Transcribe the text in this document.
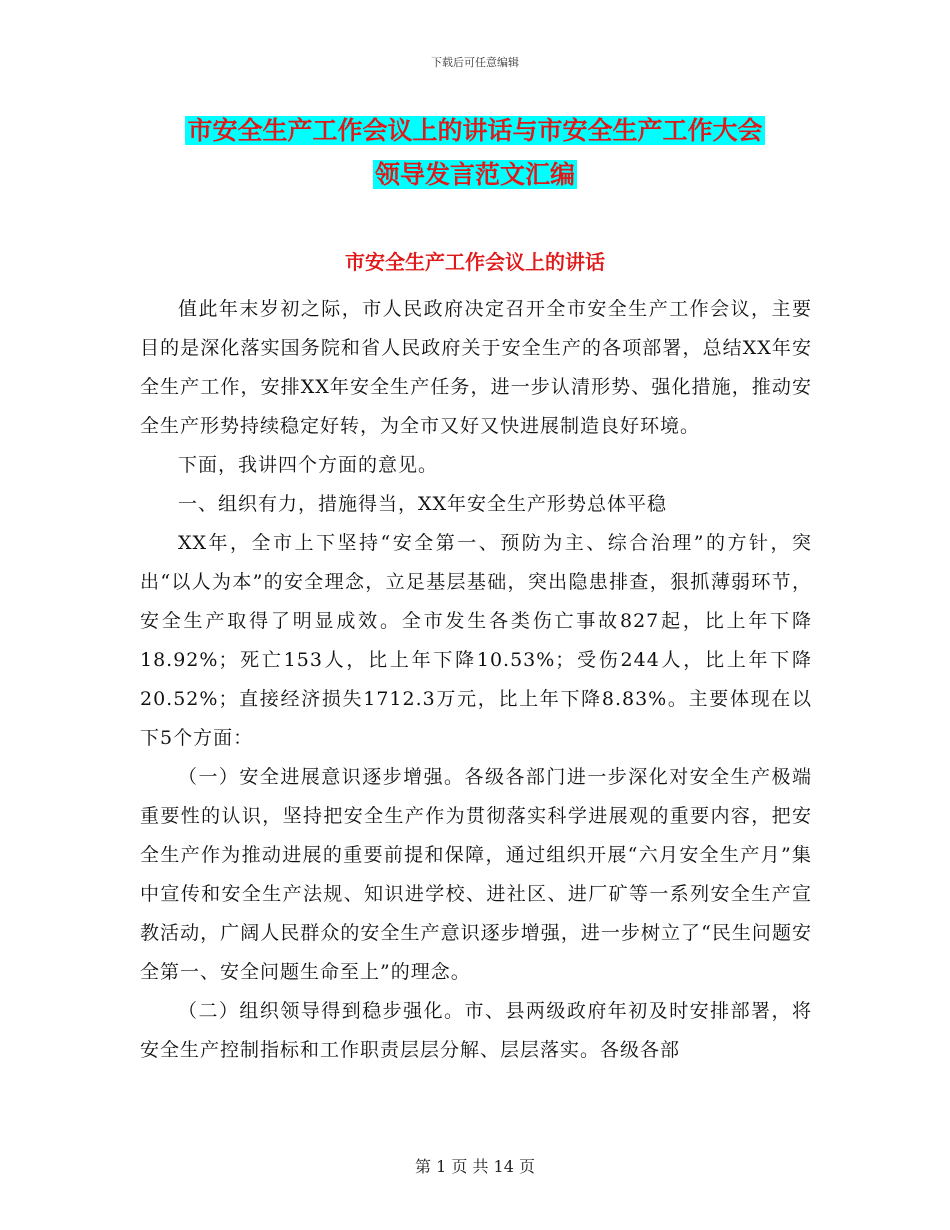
下载后可任意编辑
市安全生产工作会议上的讲话与市安全生产工作大会
领导发言范文汇编
市安全生产工作会议上的讲话

值此年末岁初之际，市人民政府决定召开全市安全生产工作会议，主要目的是深化落实国务院和省人民政府关于安全生产的各项部署，总结XX年安全生产工作，安排XX年安全生产任务，进一步认清形势、强化措施，推动安全生产形势持续稳定好转，为全市又好又快进展制造良好环境。

下面，我讲四个方面的意见。

一、组织有力，措施得当，XX年安全生产形势总体平稳

XX年，全市上下坚持“安全第一、预防为主、综合治理”的方针，突出“以人为本”的安全理念，立足基层基础，突出隐患排查，狠抓薄弱环节，安全生产取得了明显成效。全市发生各类伤亡事故827起，比上年下降18.92%；死亡153人，比上年下降10.53%；受伤244人，比上年下降20.52%；直接经济损失1712.3万元，比上年下降8.83%。主要体现在以下5个方面：

（一）安全进展意识逐步增强。各级各部门进一步深化对安全生产极端重要性的认识，坚持把安全生产作为贯彻落实科学进展观的重要内容，把安全生产作为推动进展的重要前提和保障，通过组织开展“六月安全生产月”集中宣传和安全生产法规、知识进学校、进社区、进厂矿等一系列安全生产宣教活动，广阔人民群众的安全生产意识逐步增强，进一步树立了“民生问题安全第一、安全问题生命至上”的理念。

（二）组织领导得到稳步强化。市、县两级政府年初及时安排部署，将安全生产控制指标和工作职责层层分解、层层落实。各级各部

第 1 页 共 14 页
